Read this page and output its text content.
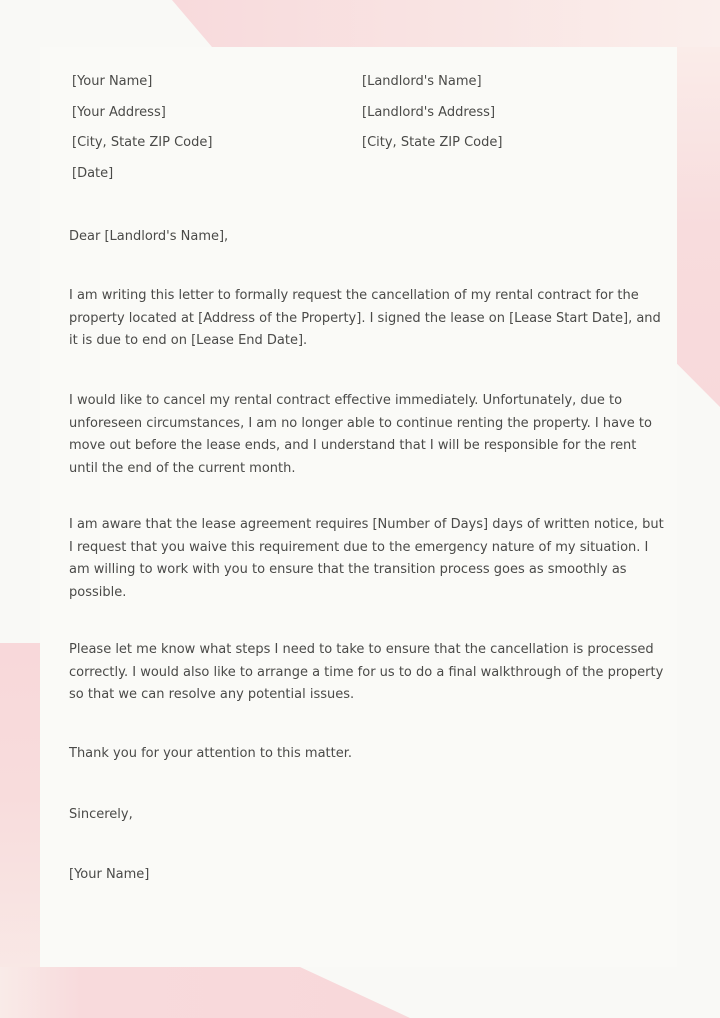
[Your Name]
[Your Address]
[City, State ZIP Code]
[Date]
[Landlord's Name]
[Landlord's Address]
[City, State ZIP Code]

Dear [Landlord's Name],

I am writing this letter to formally request the cancellation of my rental contract for the property located at [Address of the Property]. I signed the lease on [Lease Start Date], and it is due to end on [Lease End Date].

I would like to cancel my rental contract effective immediately. Unfortunately, due to unforeseen circumstances, I am no longer able to continue renting the property. I have to move out before the lease ends, and I understand that I will be responsible for the rent until the end of the current month.

I am aware that the lease agreement requires [Number of Days] days of written notice, but I request that you waive this requirement due to the emergency nature of my situation. I am willing to work with you to ensure that the transition process goes as smoothly as possible.

Please let me know what steps I need to take to ensure that the cancellation is processed correctly. I would also like to arrange a time for us to do a final walkthrough of the property so that we can resolve any potential issues.

Thank you for your attention to this matter.

Sincerely,

[Your Name]
